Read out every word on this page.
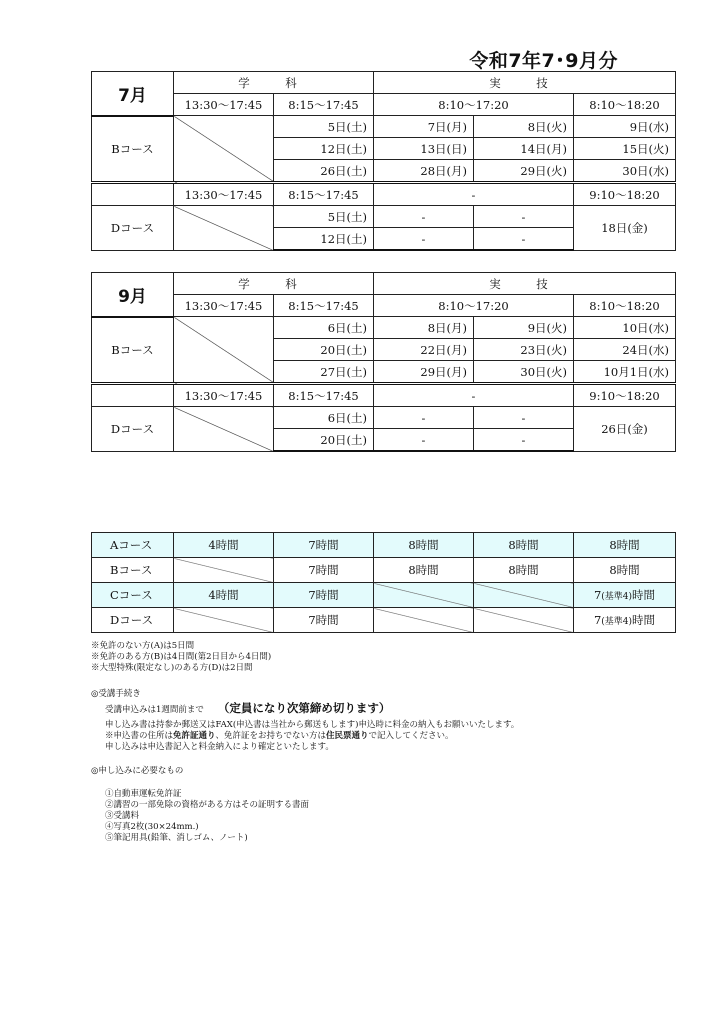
令和7年7･9月分
7月	学　科		実　技		
	13:30～17:45	8:15～17:45	8:10～17:20		8:10～18:20
Bコース		5日(土)	7日(月)	8日(火)	9日(水)
		12日(土)	13日(日)	14日(月)	15日(火)
		26日(土)	28日(月)	29日(火)	30日(水)
	13:30～17:45	8:15～17:45	-		9:10～18:20
Dコース		5日(土)	-	-	18日(金)
		12日(土)	-	-	
9月	学　科		実　技		
	13:30～17:45	8:15～17:45	8:10～17:20		8:10～18:20
Bコース		6日(土)	8日(月)	9日(火)	10日(水)
		20日(土)	22日(月)	23日(火)	24日(水)
		27日(土)	29日(月)	30日(火)	10月1日(水)
	13:30～17:45	8:15～17:45	-		9:10～18:20
Dコース		6日(土)	-	-	26日(金)
		20日(土)	-	-	
Aコース	4時間	7時間	8時間	8時間	8時間
Bコース		7時間	8時間	8時間	8時間
Cコース	4時間	7時間			7(基準4)時間
Dコース		7時間			7(基準4)時間

※免許のない方(A)は5日間

※免許のある方(B)は4日間(第2日目から4日間)

※大型特殊(限定なし)のある方(D)は2日間

◎受講手続き

受講申込みは1週間前まで （定員になり次第締め切ります）

申し込み書は持参か郵送又はFAX(申込書は当社から郵送もします)申込時に料金の納入もお願いいたします。

※申込書の住所は免許証通り、免許証をお持ちでない方は住民票通りで記入してください。

申し込みは申込書記入と料金納入により確定といたします。

◎申し込みに必要なもの

①自動車運転免許証

②講習の一部免除の資格がある方はその証明する書面

③受講料

④写真2枚(30×24mm.)

⑤筆記用具(鉛筆、消しゴム、ノート)
